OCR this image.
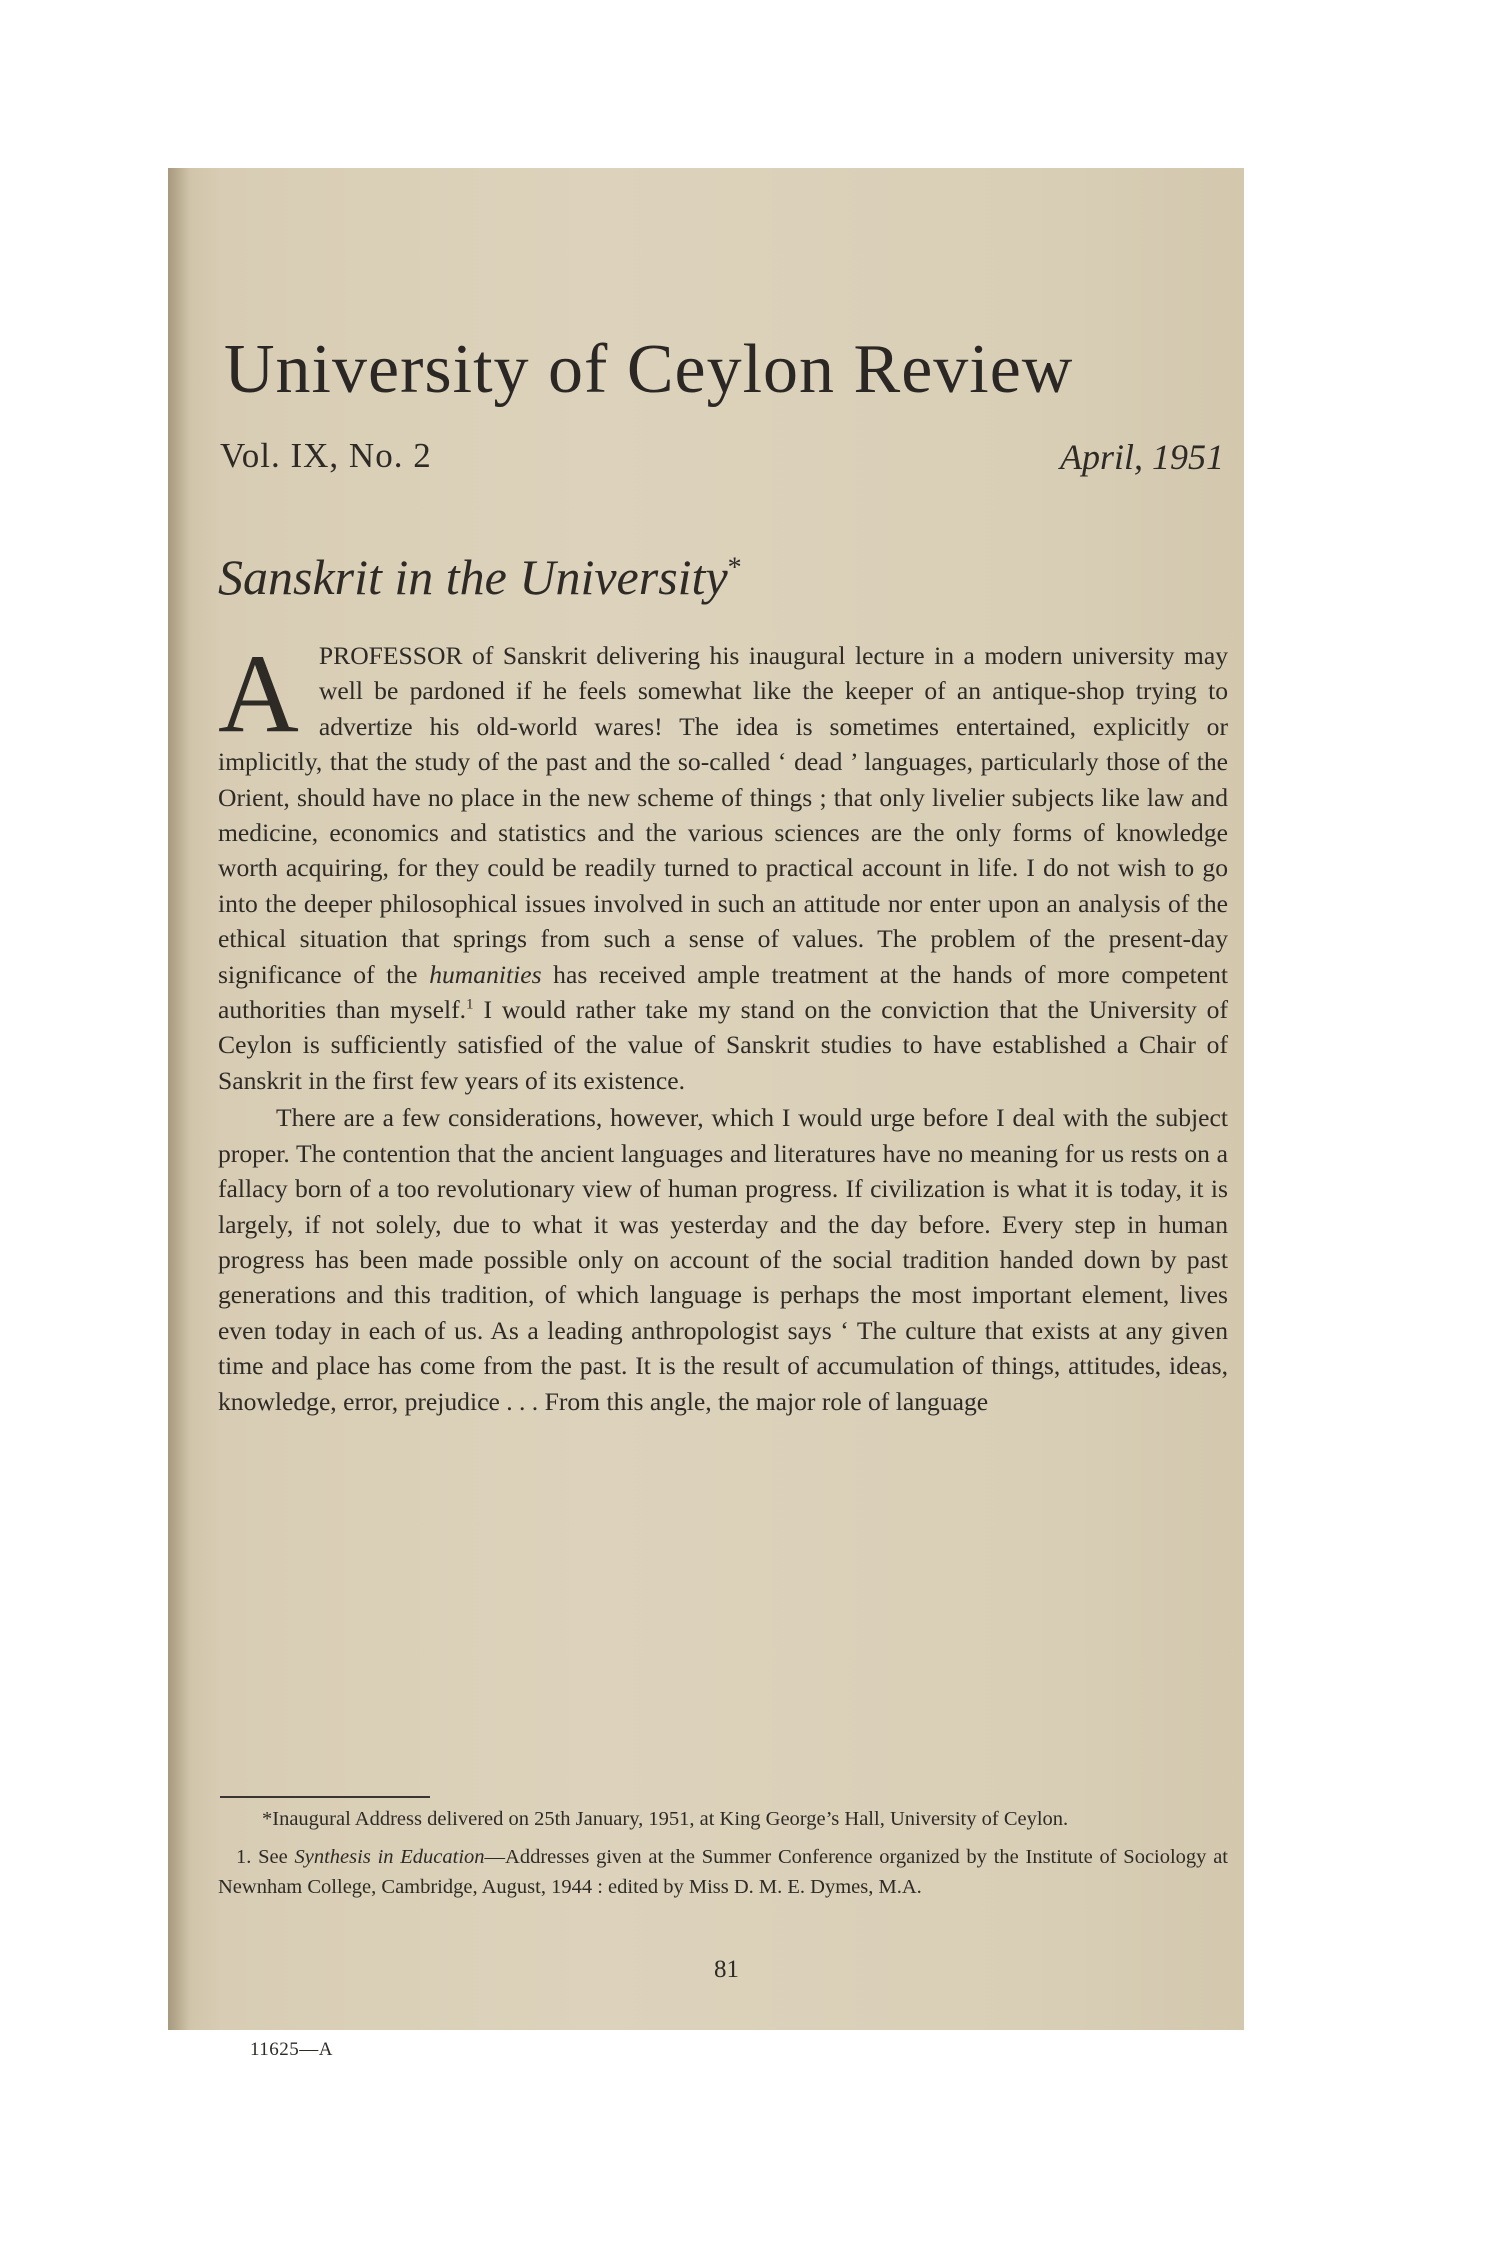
University of Ceylon Review
Vol. IX, No. 2	April, 1951
Sanskrit in the University*

APROFESSOR of Sanskrit delivering his inaugural lecture in a modern university may well be pardoned if he feels somewhat like the keeper of an antique-shop trying to advertize his old-world wares! The idea is sometimes entertained, explicitly or implicitly, that the study of the past and the so-called ‘ dead ’ languages, particularly those of the Orient, should have no place in the new scheme of things ; that only livelier subjects like law and medicine, economics and statistics and the various sciences are the only forms of knowledge worth acquiring, for they could be readily turned to practical account in life. I do not wish to go into the deeper philosophical issues involved in such an attitude nor enter upon an analysis of the ethical situation that springs from such a sense of values. The problem of the present-day significance of the humanities has received ample treatment at the hands of more competent authorities than myself.$^1$ I would rather take my stand on the conviction that the University of Ceylon is sufficiently satisfied of the value of Sanskrit studies to have established a Chair of Sanskrit in the first few years of its existence.

There are a few considerations, however, which I would urge before I deal with the subject proper. The contention that the ancient languages and literatures have no meaning for us rests on a fallacy born of a too revolutionary view of human progress. If civilization is what it is today, it is largely, if not solely, due to what it was yesterday and the day before. Every step in human progress has been made possible only on account of the social tradition handed down by past generations and this tradition, of which language is perhaps the most important element, lives even today in each of us. As a leading anthropologist says ‘ The culture that exists at any given time and place has come from the past. It is the result of accumulation of things, attitudes, ideas, knowledge, error, prejudice . . . From this angle, the major role of language

*Inaugural Address delivered on 25th January, 1951, at King George’s Hall, University of Ceylon.

1. See Synthesis in Education—Addresses given at the Summer Conference organized by the Institute of Sociology at Newnham College, Cambridge, August, 1944 : edited by Miss D. M. E. Dymes, M.A.

81
11625—A
